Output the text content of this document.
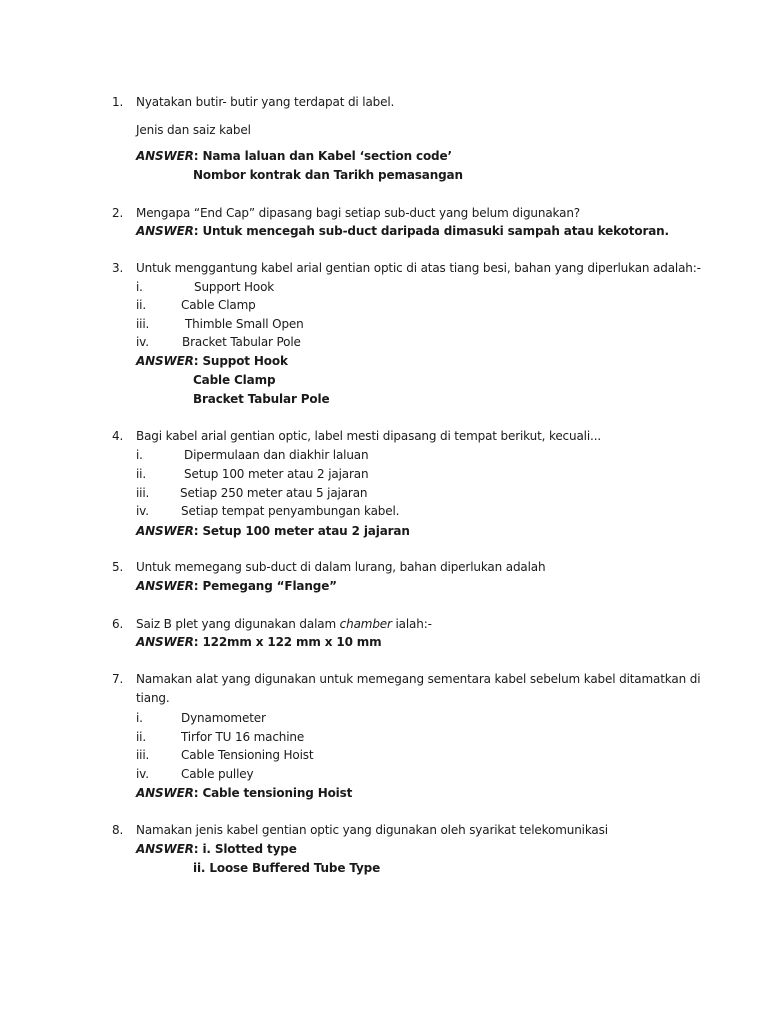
1. Nyatakan butir- butir yang terdapat di label.
Jenis dan saiz kabel
ANSWER: Nama laluan dan Kabel ‘section code’
Nombor kontrak dan Tarikh pemasangan
2. Mengapa “End Cap” dipasang bagi setiap sub-duct yang belum digunakan?
ANSWER: Untuk mencegah sub-duct daripada dimasuki sampah atau kekotoran.
3. Untuk menggantung kabel arial gentian optic di atas tiang besi, bahan yang diperlukan adalah:-
i.	Support Hook
ii.	Cable Clamp
iii.	Thimble Small Open
iv.	Bracket Tabular Pole
ANSWER: Suppot Hook
Cable Clamp
Bracket Tabular Pole
4. Bagi kabel arial gentian optic, label mesti dipasang di tempat berikut, kecuali...
i.	Dipermulaan dan diakhir laluan
ii.	Setup 100 meter atau 2 jajaran
iii.	Setiap 250 meter atau 5 jajaran
iv.	Setiap tempat penyambungan kabel.
ANSWER: Setup 100 meter atau 2 jajaran
5. Untuk memegang sub-duct di dalam lurang, bahan diperlukan adalah
ANSWER: Pemegang “Flange”
6. Saiz B plet yang digunakan dalam chamber ialah:-
ANSWER: 122mm x 122 mm x 10 mm
7. Namakan alat yang digunakan untuk memegang sementara kabel sebelum kabel ditamatkan di
tiang.
i.	Dynamometer
ii.	Tirfor TU 16 machine
iii.	Cable Tensioning Hoist
iv.	Cable pulley
ANSWER: Cable tensioning Hoist
8. Namakan jenis kabel gentian optic yang digunakan oleh syarikat telekomunikasi
ANSWER: i. Slotted type
ii. Loose Buffered Tube Type
